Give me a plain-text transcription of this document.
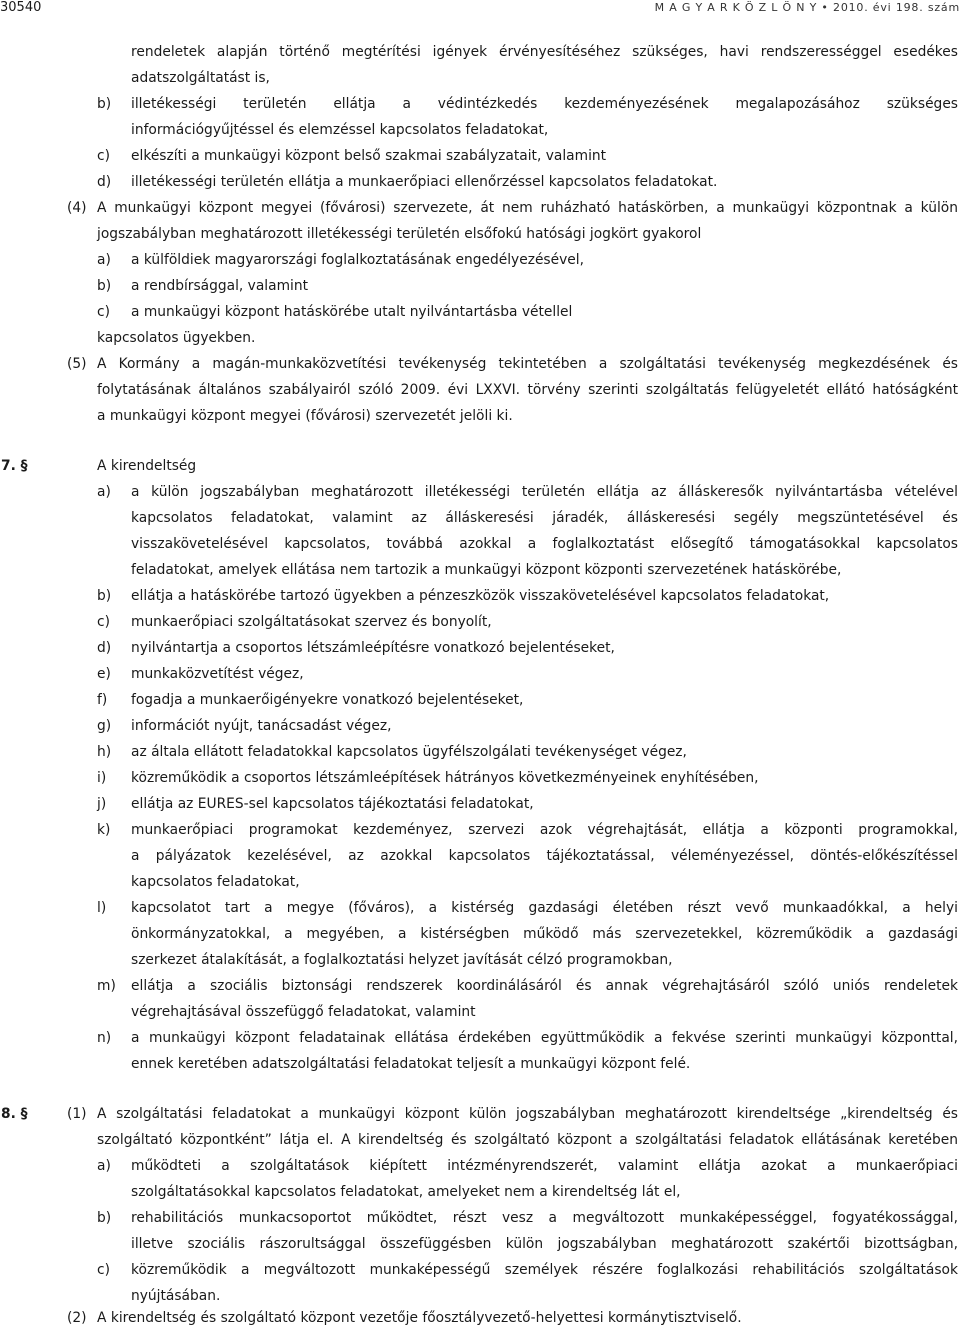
30540	M A G Y A R K Ö Z L Ö N Y • 2010. évi 198. szám
rendeletek alapján történő megtérítési igények érvényesítéséhez szükséges, havi rendszerességgel esedékes
adatszolgáltatást is,
b) illetékességi területén ellátja a védintézkedés kezdeményezésének megalapozásához szükséges
információgyűjtéssel és elemzéssel kapcsolatos feladatokat,
c) elkészíti a munkaügyi központ belső szakmai szabályzatait, valamint
d) illetékességi területén ellátja a munkaerőpiaci ellenőrzéssel kapcsolatos feladatokat.
(4) A munkaügyi központ megyei (fővárosi) szervezete, át nem ruházható hatáskörben, a munkaügyi központnak a külön
jogszabályban meghatározott illetékességi területén elsőfokú hatósági jogkört gyakorol
a) a külföldiek magyarországi foglalkoztatásának engedélyezésével,
b) a rendbírsággal, valamint
c) a munkaügyi központ hatáskörébe utalt nyilvántartásba vétellel
kapcsolatos ügyekben.
(5) A Kormány a magán-munkaközvetítési tevékenység tekintetében a szolgáltatási tevékenység megkezdésének és
folytatásának általános szabályairól szóló 2009. évi LXXVI. törvény szerinti szolgáltatás felügyeletét ellátó hatóságként
a munkaügyi központ megyei (fővárosi) szervezetét jelöli ki.
7. §	A kirendeltség
a) a külön jogszabályban meghatározott illetékességi területén ellátja az álláskeresők nyilvántartásba vételével
kapcsolatos feladatokat, valamint az álláskeresési járadék, álláskeresési segély megszüntetésével és
visszakövetelésével kapcsolatos, továbbá azokkal a foglalkoztatást elősegítő támogatásokkal kapcsolatos
feladatokat, amelyek ellátása nem tartozik a munkaügyi központ központi szervezetének hatáskörébe,
b) ellátja a hatáskörébe tartozó ügyekben a pénzeszközök visszakövetelésével kapcsolatos feladatokat,
c) munkaerőpiaci szolgáltatásokat szervez és bonyolít,
d) nyilvántartja a csoportos létszámleépítésre vonatkozó bejelentéseket,
e) munkaközvetítést végez,
f) fogadja a munkaerőigényekre vonatkozó bejelentéseket,
g) információt nyújt, tanácsadást végez,
h) az általa ellátott feladatokkal kapcsolatos ügyfélszolgálati tevékenységet végez,
i) közreműködik a csoportos létszámleépítések hátrányos következményeinek enyhítésében,
j) ellátja az EURES-sel kapcsolatos tájékoztatási feladatokat,
k) munkaerőpiaci programokat kezdeményez, szervezi azok végrehajtását, ellátja a központi programokkal,
a pályázatok kezelésével, az azokkal kapcsolatos tájékoztatással, véleményezéssel, döntés-előkészítéssel
kapcsolatos feladatokat,
l) kapcsolatot tart a megye (főváros), a kistérség gazdasági életében részt vevő munkaadókkal, a helyi
önkormányzatokkal, a megyében, a kistérségben működő más szervezetekkel, közreműködik a gazdasági
szerkezet átalakítását, a foglalkoztatási helyzet javítását célzó programokban,
m) ellátja a szociális biztonsági rendszerek koordinálásáról és annak végrehajtásáról szóló uniós rendeletek
végrehajtásával összefüggő feladatokat, valamint
n) a munkaügyi központ feladatainak ellátása érdekében együttműködik a fekvése szerinti munkaügyi központtal,
ennek keretében adatszolgáltatási feladatokat teljesít a munkaügyi központ felé.
8. §	(1) A szolgáltatási feladatokat a munkaügyi központ külön jogszabályban meghatározott kirendeltsége „kirendeltség és
szolgáltató központként” látja el. A kirendeltség és szolgáltató központ a szolgáltatási feladatok ellátásának keretében
a) működteti a szolgáltatások kiépített intézményrendszerét, valamint ellátja azokat a munkaerőpiaci
szolgáltatásokkal kapcsolatos feladatokat, amelyeket nem a kirendeltség lát el,
b) rehabilitációs munkacsoportot működtet, részt vesz a megváltozott munkaképességgel, fogyatékossággal,
illetve szociális rászorultsággal összefüggésben külön jogszabályban meghatározott szakértői bizottságban,
c) közreműködik a megváltozott munkaképességű személyek részére foglalkozási rehabilitációs szolgáltatások
nyújtásában.
(2) A kirendeltség és szolgáltató központ vezetője főosztályvezető-helyettesi kormánytisztviselő.
